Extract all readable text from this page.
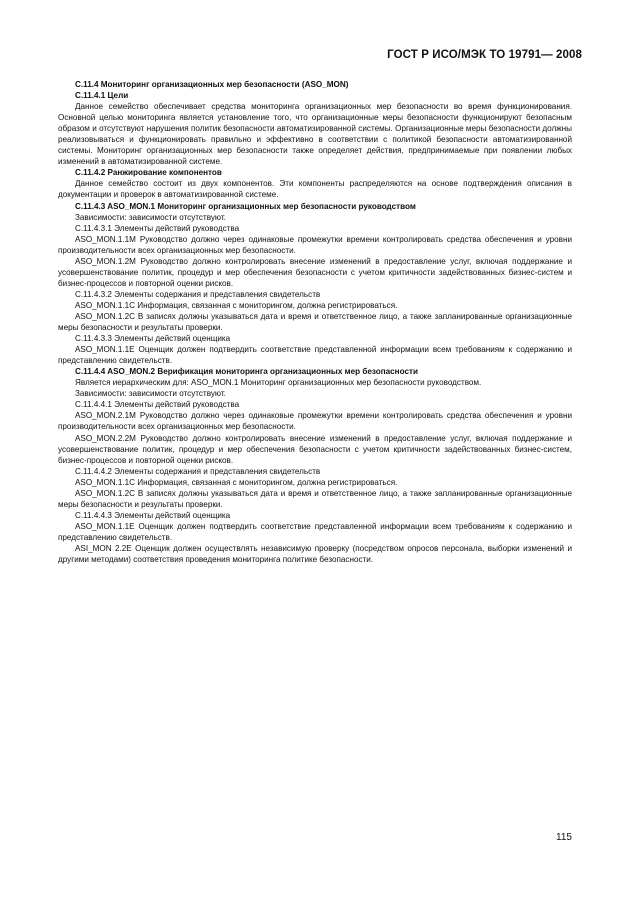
ГОСТ Р ИСО/МЭК ТО 19791— 2008

C.11.4 Мониторинг организационных мер безопасности (ASO_MON)

C.11.4.1 Цели

Данное семейство обеспечивает средства мониторинга организационных мер безопасности во время функционирования. Основной целью мониторинга является установление того, что организационные меры безопасности функционируют безопасным образом и отсутствуют нарушения политик безопасности автоматизированной системы. Организационные меры безопасности должны реализовываться и функционировать правильно и эффективно в соответствии с политикой безопасности автоматизированной системы. Мониторинг организационных мер безопасности также определяет действия, предпринимаемые при появлении любых изменений в автоматизированной системе.

C.11.4.2 Ранжирование компонентов

Данное семейство состоит из двух компонентов. Эти компоненты распределяются на основе подтверждения описания в документации и проверок в автоматизированной системе.

C.11.4.3 ASO_MON.1 Мониторинг организационных мер безопасности руководством

Зависимости: зависимости отсутствуют.

C.11.4.3.1 Элементы действий руководства

ASO_MON.1.1M Руководство должно через одинаковые промежутки времени контролировать средства обеспечения и уровни производительности всех организационных мер безопасности.

ASO_MON.1.2M Руководство должно контролировать внесение изменений в предоставление услуг, включая поддержание и усовершенствование политик, процедур и мер обеспечения безопасности с учетом критичности задействованных бизнес-систем и бизнес-процессов и повторной оценки рисков.

C.11.4.3.2 Элементы содержания и представления свидетельств

ASO_MON.1.1C Информация, связанная с мониторингом, должна регистрироваться.

ASO_MON.1.2C В записях должны указываться дата и время и ответственное лицо, а также запланированные организационные меры безопасности и результаты проверки.

C.11.4.3.3 Элементы действий оценщика

ASO_MON.1.1E Оценщик должен подтвердить соответствие представленной информации всем требованиям к содержанию и представлению свидетельств.

C.11.4.4 ASO_MON.2 Верификация мониторинга организационных мер безопасности

Является иерархическим для: ASO_MON.1 Мониторинг организационных мер безопасности руководством.

Зависимости: зависимости отсутствуют.

C.11.4.4.1 Элементы действий руководства

ASO_MON.2.1M Руководство должно через одинаковые промежутки времени контролировать средства обеспечения и уровни производительности всех организационных мер безопасности.

ASO_MON.2.2M Руководство должно контролировать внесение изменений в предоставление услуг, включая поддержание и усовершенствование политик, процедур и мер обеспечения безопасности с учетом критичности задействованных бизнес-систем, бизнес-процессов и повторной оценки рисков.

C.11.4.4.2 Элементы содержания и представления свидетельств

ASO_MON.1.1C Информация, связанная с мониторингом, должна регистрироваться.

ASO_MON.1.2C В записях должны указываться дата и время и ответственное лицо, а также запланированные организационные меры безопасности и результаты проверки.

C.11.4.4.3 Элементы действий оценщика

ASO_MON.1.1E Оценщик должен подтвердить соответствие представленной информации всем требованиям к содержанию и представлению свидетельств.

ASI_MON 2.2E Оценщик должен осуществлять независимую проверку (посредством опросов персонала, выборки изменений и другими методами) соответствия проведения мониторинга политике безопасности.

115
